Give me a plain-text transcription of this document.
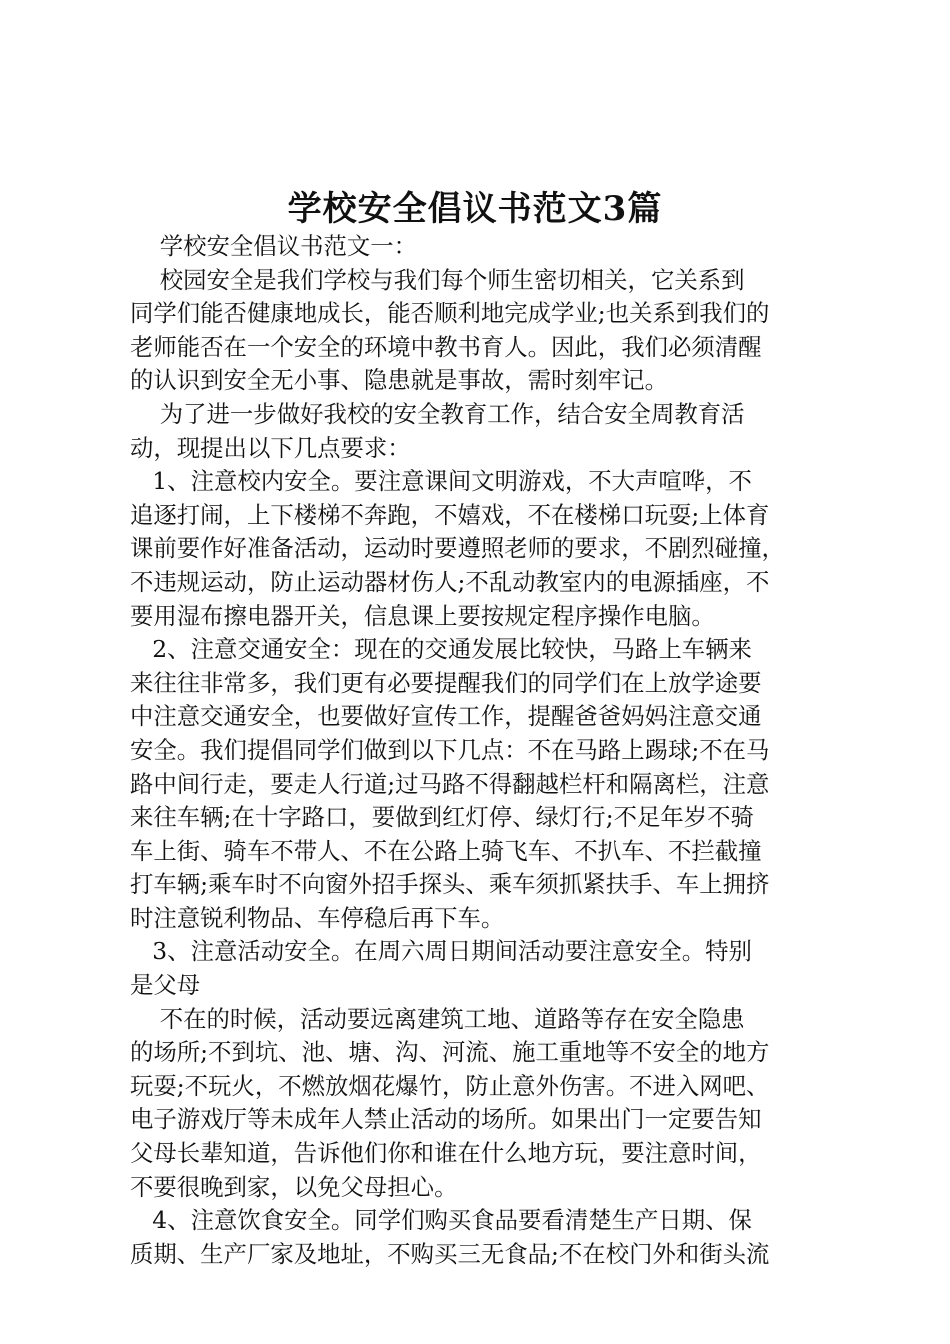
学校安全倡议书范文3篇
学校安全倡议书范文一：
校园安全是我们学校与我们每个师生密切相关，它关系到
同学们能否健康地成长，能否顺利地完成学业;也关系到我们的
老师能否在一个安全的环境中教书育人。因此，我们必须清醒
的认识到安全无小事、隐患就是事故，需时刻牢记。
为了进一步做好我校的安全教育工作，结合安全周教育活
动，现提出以下几点要求：
1、注意校内安全。要注意课间文明游戏，不大声喧哗，不
追逐打闹，上下楼梯不奔跑，不嬉戏，不在楼梯口玩耍;上体育
课前要作好准备活动，运动时要遵照老师的要求，不剧烈碰撞，
不违规运动，防止运动器材伤人;不乱动教室内的电源插座，不
要用湿布擦电器开关，信息课上要按规定程序操作电脑。
2、注意交通安全：现在的交通发展比较快，马路上车辆来
来往往非常多，我们更有必要提醒我们的同学们在上放学途要
中注意交通安全，也要做好宣传工作，提醒爸爸妈妈注意交通
安全。我们提倡同学们做到以下几点：不在马路上踢球;不在马
路中间行走，要走人行道;过马路不得翻越栏杆和隔离栏，注意
来往车辆;在十字路口，要做到红灯停、绿灯行;不足年岁不骑
车上街、骑车不带人、不在公路上骑飞车、不扒车、不拦截撞
打车辆;乘车时不向窗外招手探头、乘车须抓紧扶手、车上拥挤
时注意锐利物品、车停稳后再下车。
3、注意活动安全。在周六周日期间活动要注意安全。特别
是父母
不在的时候，活动要远离建筑工地、道路等存在安全隐患
的场所;不到坑、池、塘、沟、河流、施工重地等不安全的地方
玩耍;不玩火，不燃放烟花爆竹，防止意外伤害。不进入网吧、
电子游戏厅等未成年人禁止活动的场所。如果出门一定要告知
父母长辈知道，告诉他们你和谁在什么地方玩，要注意时间，
不要很晚到家，以免父母担心。
4、注意饮食安全。同学们购买食品要看清楚生产日期、保
质期、生产厂家及地址，不购买三无食品;不在校门外和街头流
